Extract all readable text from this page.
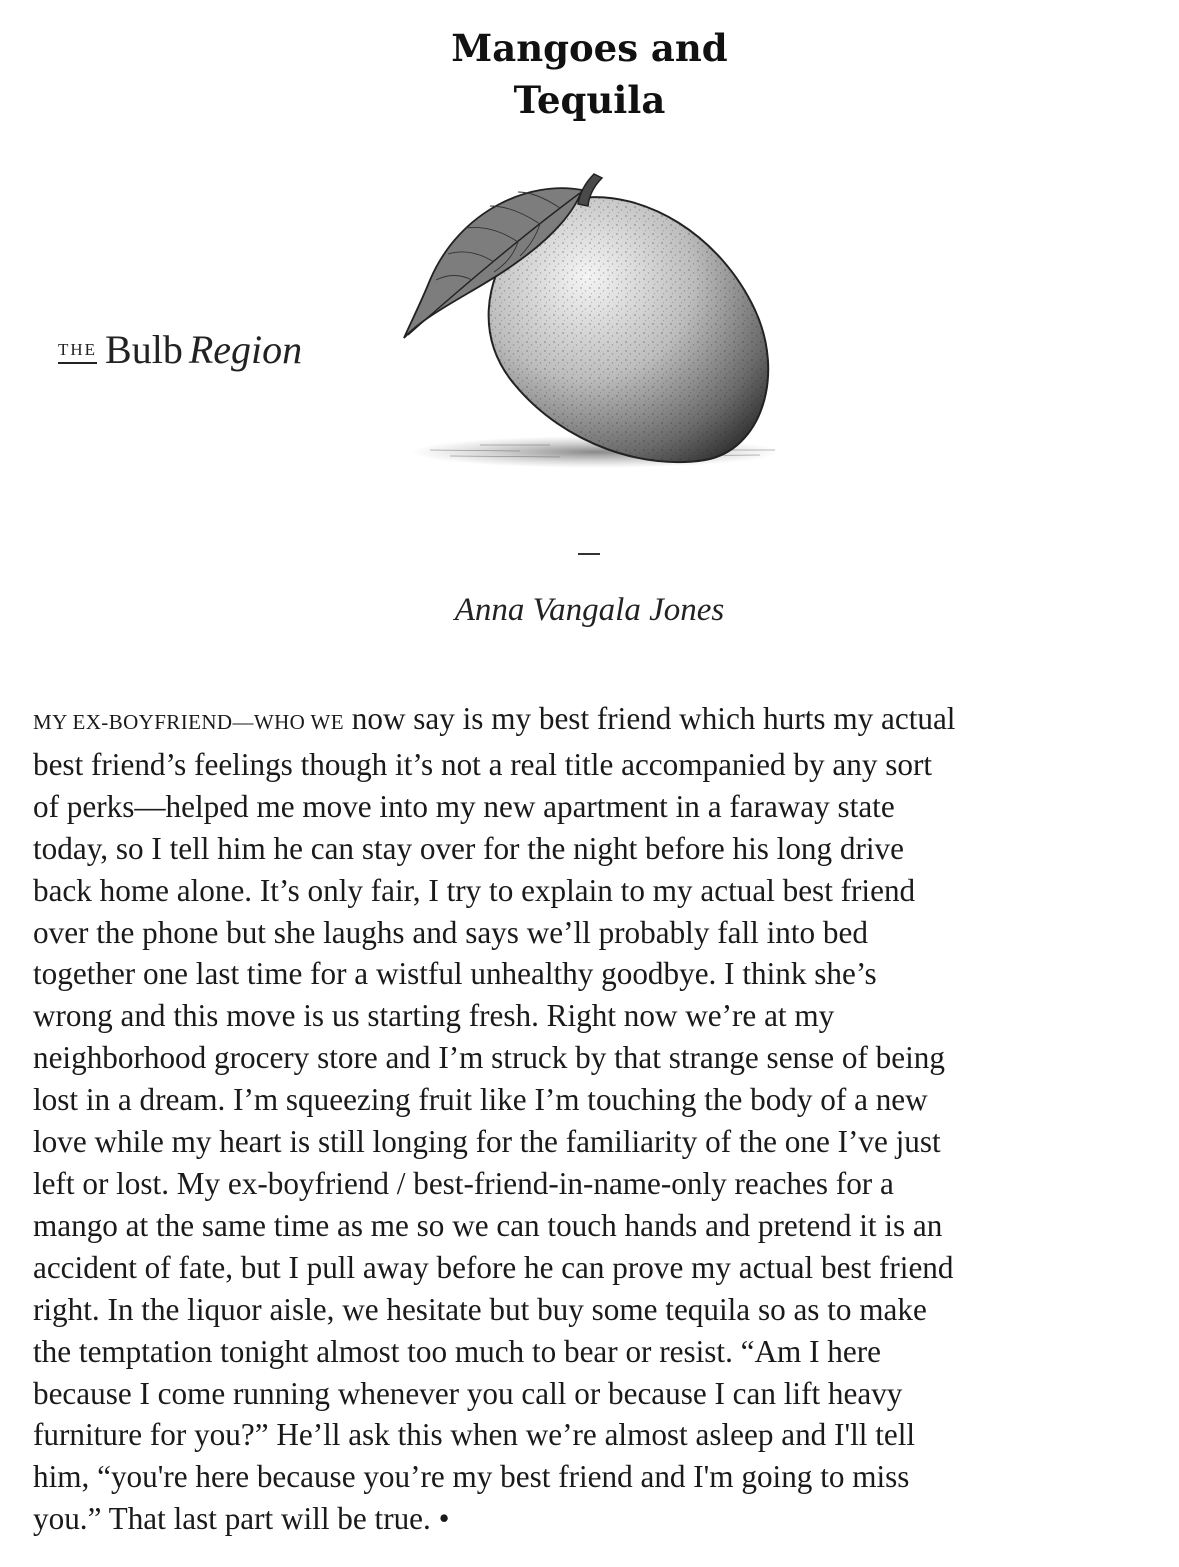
Mangoes and
Tequila
THE Bulb Region
Anna Vangala Jones
MY EX-BOYFRIEND—WHO WE now say is my best friend which hurts my actual
best friend’s feelings though it’s not a real title accompanied by any sort
of perks—helped me move into my new apartment in a faraway state
today, so I tell him he can stay over for the night before his long drive
back home alone. It’s only fair, I try to explain to my actual best friend
over the phone but she laughs and says we’ll probably fall into bed
together one last time for a wistful unhealthy goodbye. I think she’s
wrong and this move is us starting fresh. Right now we’re at my
neighborhood grocery store and I’m struck by that strange sense of being
lost in a dream. I’m squeezing fruit like I’m touching the body of a new
love while my heart is still longing for the familiarity of the one I’ve just
left or lost. My ex-boyfriend / best-friend-in-name-only reaches for a
mango at the same time as me so we can touch hands and pretend it is an
accident of fate, but I pull away before he can prove my actual best friend
right. In the liquor aisle, we hesitate but buy some tequila so as to make
the temptation tonight almost too much to bear or resist. “Am I here
because I come running whenever you call or because I can lift heavy
furniture for you?” He’ll ask this when we’re almost asleep and I'll tell
him, “you're here because you’re my best friend and I'm going to miss
you.” That last part will be true. •
